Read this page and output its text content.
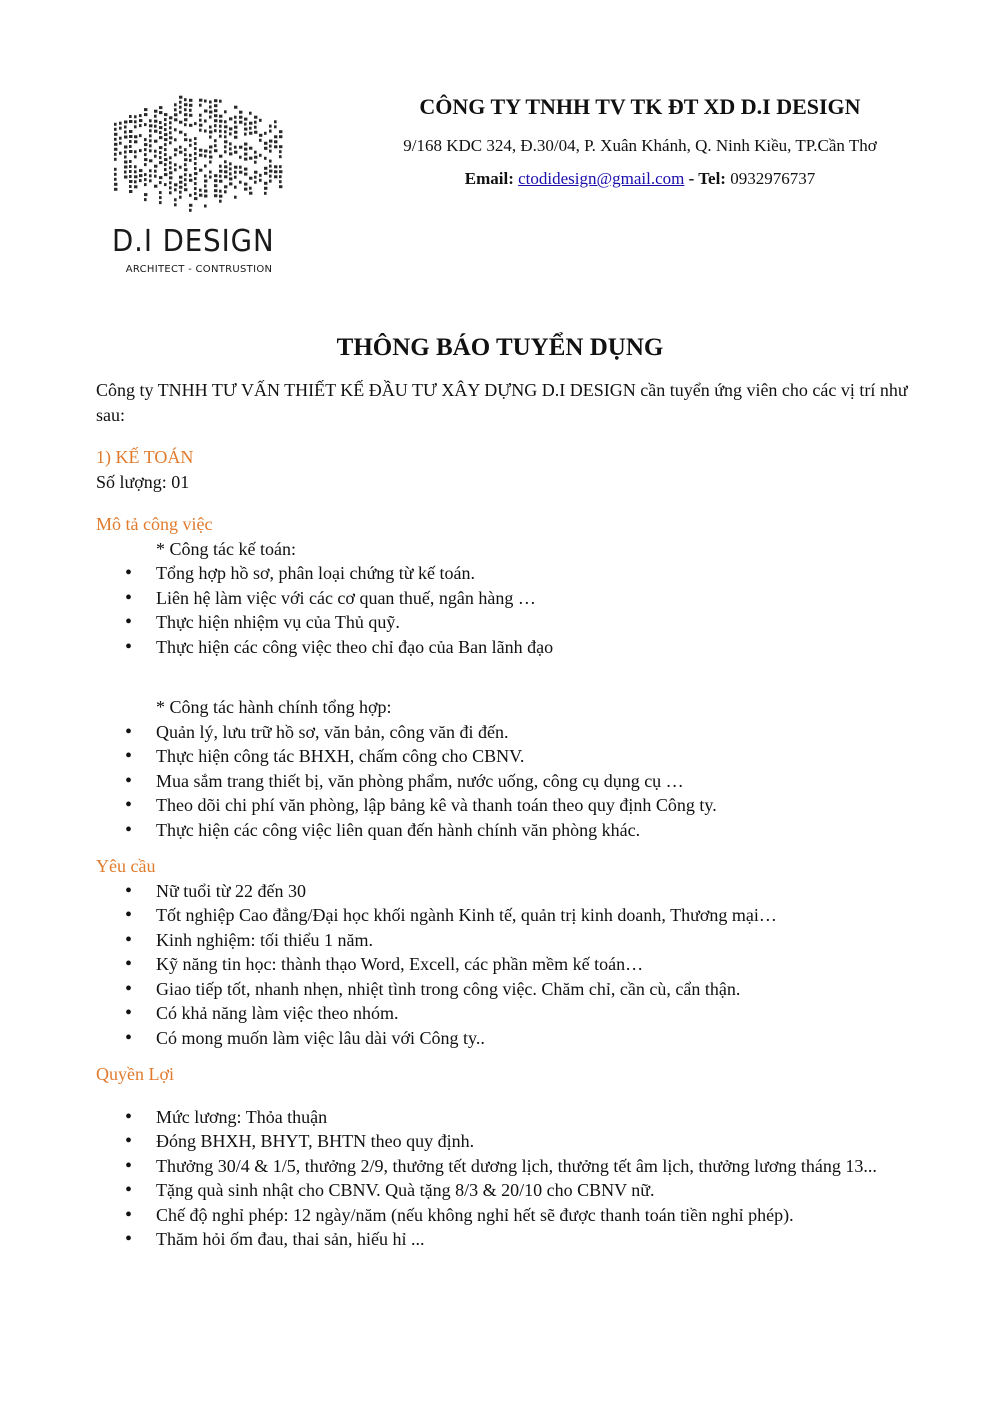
D.I DESIGN
ARCHITECT - CONTRUSTION
CÔNG TY TNHH TV TK ĐT XD D.I DESIGN
9/168 KDC 324, Đ.30/04, P. Xuân Khánh, Q. Ninh Kiều, TP.Cần Thơ
Email: ctodidesign@gmail.com - Tel: 0932976737
THÔNG BÁO TUYỂN DỤNG

Công ty TNHH TƯ VẤN THIẾT KẾ ĐẦU TƯ XÂY DỰNG D.I DESIGN cần tuyển ứng viên cho các vị trí như sau:

1) KẾ TOÁN

Số lượng: 01

Mô tả công việc

* Công tác kế toán:

• Tổng hợp hồ sơ, phân loại chứng từ kế toán.
• Liên hệ làm việc với các cơ quan thuế, ngân hàng …
• Thực hiện nhiệm vụ của Thủ quỹ.
• Thực hiện các công việc theo chỉ đạo của Ban lãnh đạo

* Công tác hành chính tổng hợp:

• Quản lý, lưu trữ hồ sơ, văn bản, công văn đi đến.
• Thực hiện công tác BHXH, chấm công cho CBNV.
• Mua sắm trang thiết bị, văn phòng phẩm, nước uống, công cụ dụng cụ …
• Theo dõi chi phí văn phòng, lập bảng kê và thanh toán theo quy định Công ty.
• Thực hiện các công việc liên quan đến hành chính văn phòng khác.

Yêu cầu

• Nữ tuổi từ 22 đến 30
• Tốt nghiệp Cao đẳng/Đại học khối ngành Kinh tế, quản trị kinh doanh, Thương mại…
• Kinh nghiệm: tối thiểu 1 năm.
• Kỹ năng tin học: thành thạo Word, Excell, các phần mềm kế toán…
• Giao tiếp tốt, nhanh nhẹn, nhiệt tình trong công việc. Chăm chỉ, cần cù, cẩn thận.
• Có khả năng làm việc theo nhóm.
• Có mong muốn làm việc lâu dài với Công ty..

Quyền Lợi

• Mức lương: Thỏa thuận
• Đóng BHXH, BHYT, BHTN theo quy định.
• Thưởng 30/4 & 1/5, thưởng 2/9, thưởng tết dương lịch, thưởng tết âm lịch, thưởng lương tháng 13...
• Tặng quà sinh nhật cho CBNV. Quà tặng 8/3 & 20/10 cho CBNV nữ.
• Chế độ nghỉ phép: 12 ngày/năm (nếu không nghỉ hết sẽ được thanh toán tiền nghỉ phép).
• Thăm hỏi ốm đau, thai sản, hiếu hỉ ...
